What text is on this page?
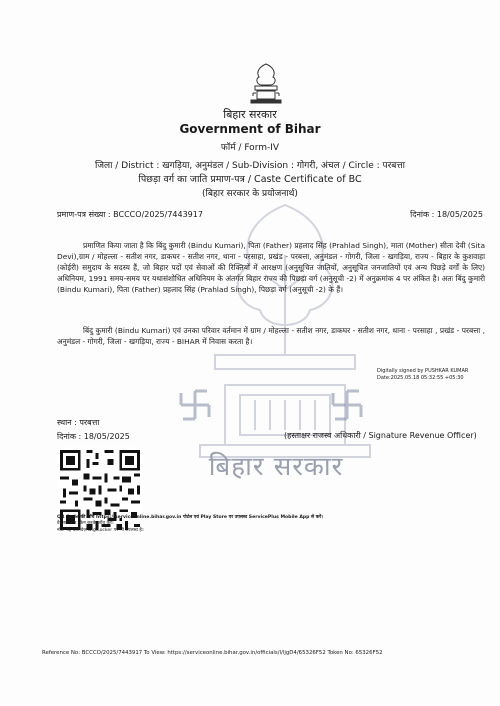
बिहार सरकार
बिहार सरकार
Government of Bihar
फॉर्म / Form-IV
जिला / District : खगड़िया, अनुमंडल / Sub-Division : गोगरी, अंचल / Circle : परबत्ता
पिछड़ा वर्ग का जाति प्रमाण-पत्र / Caste Certificate of BC
(बिहार सरकार के प्रयोजनार्थ)
प्रमाण-पत्र संख्या : BCCCO/2025/7443917	दिनांक : 18/05/2025
प्रमाणित किया जाता है कि बिंदु कुमारी (Bindu Kumari), पिता (Father) प्रहलाद सिंह (Prahlad Singh), माता (Mother) सीता देवी (Sita Devi),ग्राम / मोहल्ला - सतीश नगर, डाकघर - सतीश नगर, थाना - परसाहा, प्रखंड - परबत्ता, अनुमंडल - गोगरी, जिला - खगड़िया, राज्य - बिहार के कुशवाहा (कोईरी) समुदाय के सदस्य हैं, जो बिहार पदों एवं सेवाओं की रिक्तियों में आरक्षण (अनुसूचित जातियों, अनुसूचित जनजातियों एवं अन्य पिछड़े वर्गों के लिए) अधिनियम, 1991 समय-समय पर यथासंशोधित अधिनियम के अंतर्गत बिहार राज्य की पिछड़ा वर्ग (अनुसूची -2) में अनुक्रमांक 4 पर अंकित है। अतः बिंदु कुमारी (Bindu Kumari), पिता (Father) प्रहलाद सिंह (Prahlad Singh), पिछड़ा वर्ग (अनुसूची -2) के हैं।
बिंदु कुमारी (Bindu Kumari) एवं उनका परिवार वर्तमान में ग्राम / मोहल्ला - सतीश नगर, डाकघर - सतीश नगर, थाना - परसाहा , प्रखंड - परबत्ता , अनुमंडल - गोगरी, जिला - खगड़िया, राज्य - BIHAR में निवास करता है।
Digitally signed by PUSHKAR KUMAR
Date:2025.05.18 05:32:55 +05:30
स्थान : परबत्ता
दिनांक : 18/05/2025	(हस्ताक्षर राजस्व अधिकारी / Signature Revenue Officer)
QR Code की जाँच https://serviceonline.bihar.gov.in पोर्टल एवं Play Store पर उपलब्ध ServicePlus Mobile App से करें।
वैधता: कोड स्कैन करके जाँच करें।
नोट: यह दस्तावेज़ DigiLocker पर भी उपलब्ध है।
Reference No: BCCCO/2025/7443917 To View: https://serviceonline.bihar.gov.in/officials/l/ljgD4/65326F52 Token No: 65326F52
